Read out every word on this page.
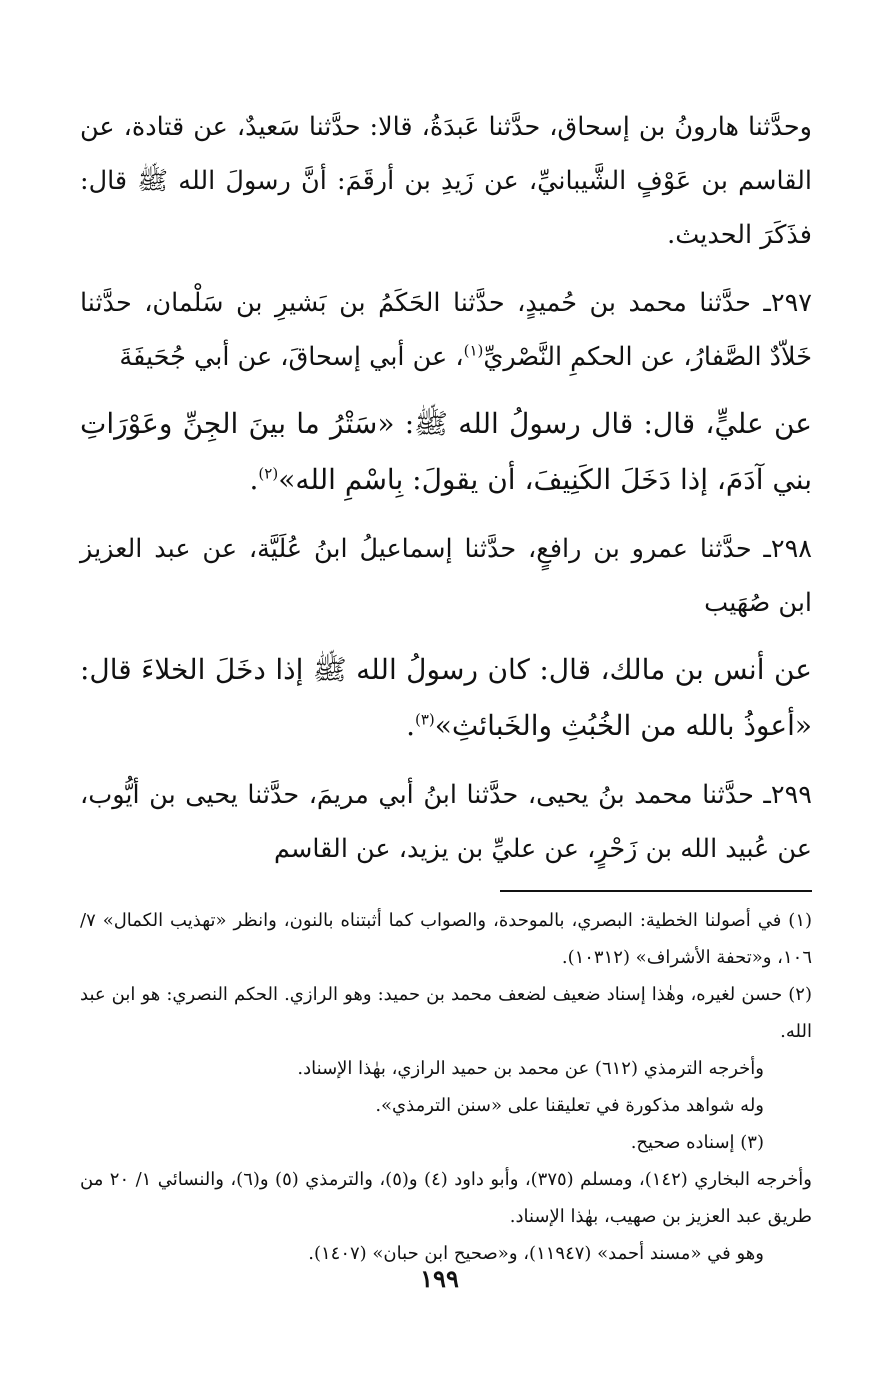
وحدَّثنا هارونُ بن إسحاق، حدَّثنا عَبدَةُ، قالا: حدَّثنا سَعيدٌ، عن قتادة، عن القاسم بن عَوْفٍ الشَّيبانيِّ، عن زَيدِ بن أرقَمَ: أنَّ رسولَ الله ﷺ قال: فذَكَرَ الحديث.

٢٩٧ـ حدَّثنا محمد بن حُميدٍ، حدَّثنا الحَكَمُ بن بَشيرِ بن سَلْمان، حدَّثنا خَلاّدٌ الصَّفارُ، عن الحكمِ النَّصْريِّ$^{(١)}$، عن أبي إسحاقَ، عن أبي جُحَيفَةَ

عن عليٍّ، قال: قال رسولُ الله ﷺ: «سَتْرُ ما بينَ الجِنِّ وعَوْرَاتِ بني آدَمَ، إذا دَخَلَ الكَنِيفَ، أن يقولَ: بِاسْمِ الله»$^{(٢)}$.

٢٩٨ـ حدَّثنا عمرو بن رافعٍ، حدَّثنا إسماعيلُ ابنُ عُلَيَّة، عن عبد العزيز ابن صُهَيب

عن أنس بن مالك، قال: كان رسولُ الله ﷺ إذا دخَلَ الخلاءَ قال: «أعوذُ بالله من الخُبُثِ والخَبائثِ»$^{(٣)}$.

٢٩٩ـ حدَّثنا محمد بنُ يحيى، حدَّثنا ابنُ أبي مريمَ، حدَّثنا يحيى بن أيُّوب، عن عُبيد الله بن زَحْرٍ، عن عليِّ بن يزيد، عن القاسم

(١) في أصولنا الخطية: البصري، بالموحدة، والصواب كما أثبتناه بالنون، وانظر «تهذيب الكمال» ٧/ ١٠٦، و«تحفة الأشراف» (١٠٣١٢).

(٢) حسن لغيره، وهٰذا إسناد ضعيف لضعف محمد بن حميد: وهو الرازي. الحكم النصري: هو ابن عبد الله.

وأخرجه الترمذي (٦١٢) عن محمد بن حميد الرازي، بهٰذا الإسناد.

وله شواهد مذكورة في تعليقنا على «سنن الترمذي».

(٣) إسناده صحيح.

وأخرجه البخاري (١٤٢)، ومسلم (٣٧٥)، وأبو داود (٤) و(٥)، والترمذي (٥) و(٦)، والنسائي ١/ ٢٠ من طريق عبد العزيز بن صهيب، بهٰذا الإسناد.

وهو في «مسند أحمد» (١١٩٤٧)، و«صحيح ابن حبان» (١٤٠٧).

١٩٩
